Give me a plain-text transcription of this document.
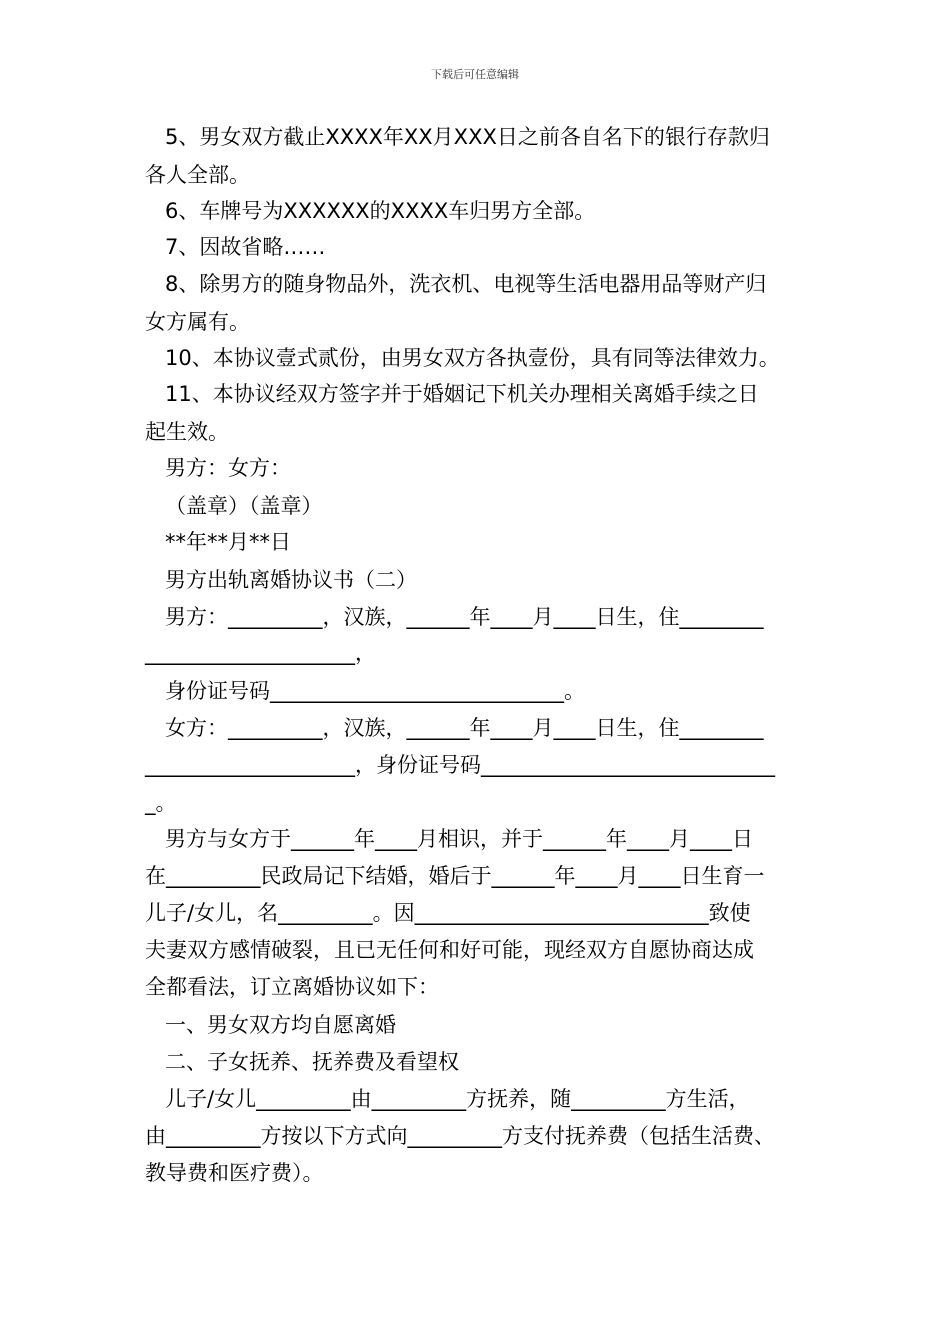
下载后可任意编辑
5、男女双方截止XXXX年XX月XXX日之前各自名下的银行存款归
各人全部。
6、车牌号为XXXXXX的XXXX车归男方全部。
7、因故省略……
8、除男方的随身物品外，洗衣机、电视等生活电器用品等财产归
女方属有。
10、本协议壹式贰份，由男女双方各执壹份，具有同等法律效力。
11、本协议经双方签字并于婚姻记下机关办理相关离婚手续之日
起生效。
男方：女方：
（盖章）（盖章）
**年**月**日
男方出轨离婚协议书（二）
男方：_________，汉族，______年____月____日生，住________
____________________，
身份证号码____________________________。
女方：_________，汉族，______年____月____日生，住________
____________________，身份证号码____________________________
_。
男方与女方于______年____月相识，并于______年____月____日
在_________民政局记下结婚，婚后于______年____月____日生育一
儿子/女儿，名_________。因____________________________致使
夫妻双方感情破裂，且已无任何和好可能，现经双方自愿协商达成
全都看法，订立离婚协议如下：
一、男女双方均自愿离婚
二、子女抚养、抚养费及看望权
儿子/女儿_________由_________方抚养，随_________方生活，
由_________方按以下方式向_________方支付抚养费（包括生活费、
教导费和医疗费）。
